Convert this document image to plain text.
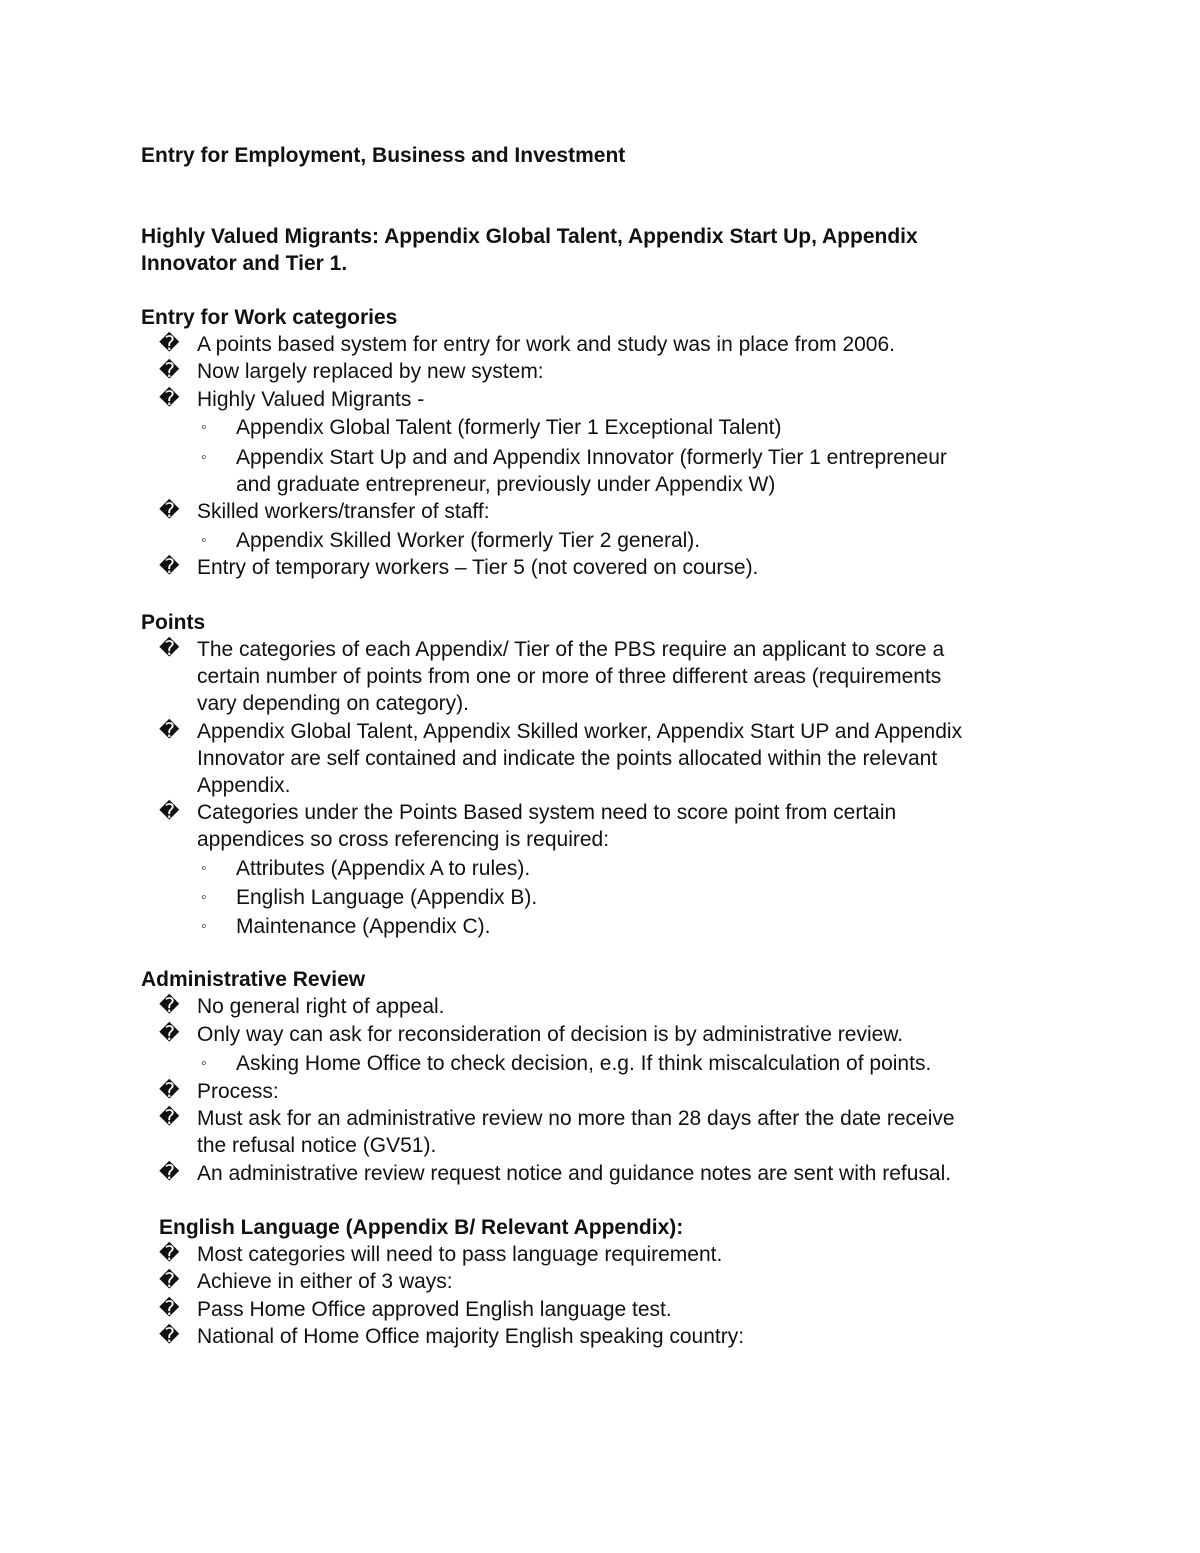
Entry for Employment, Business and Investment
Highly Valued Migrants: Appendix Global Talent, Appendix Start Up, Appendix
Innovator and Tier 1.
Entry for Work categories
� A points based system for entry for work and study was in place from 2006.
� Now largely replaced by new system:
� Highly Valued Migrants -
◦ Appendix Global Talent (formerly Tier 1 Exceptional Talent)
◦ Appendix Start Up and and Appendix Innovator (formerly Tier 1 entrepreneur
and graduate entrepreneur, previously under Appendix W)
� Skilled workers/transfer of staff:
◦ Appendix Skilled Worker (formerly Tier 2 general).
� Entry of temporary workers – Tier 5 (not covered on course).
Points
� The categories of each Appendix/ Tier of the PBS require an applicant to score a
certain number of points from one or more of three different areas (requirements
vary depending on category).
� Appendix Global Talent, Appendix Skilled worker, Appendix Start UP and Appendix
Innovator are self contained and indicate the points allocated within the relevant
Appendix.
� Categories under the Points Based system need to score point from certain
appendices so cross referencing is required:
◦ Attributes (Appendix A to rules).
◦ English Language (Appendix B).
◦ Maintenance (Appendix C).
Administrative Review
� No general right of appeal.
� Only way can ask for reconsideration of decision is by administrative review.
◦ Asking Home Office to check decision, e.g. If think miscalculation of points.
� Process:
� Must ask for an administrative review no more than 28 days after the date receive
the refusal notice (GV51).
� An administrative review request notice and guidance notes are sent with refusal.
English Language (Appendix B/ Relevant Appendix):
� Most categories will need to pass language requirement.
� Achieve in either of 3 ways:
� Pass Home Office approved English language test.
� National of Home Office majority English speaking country:
